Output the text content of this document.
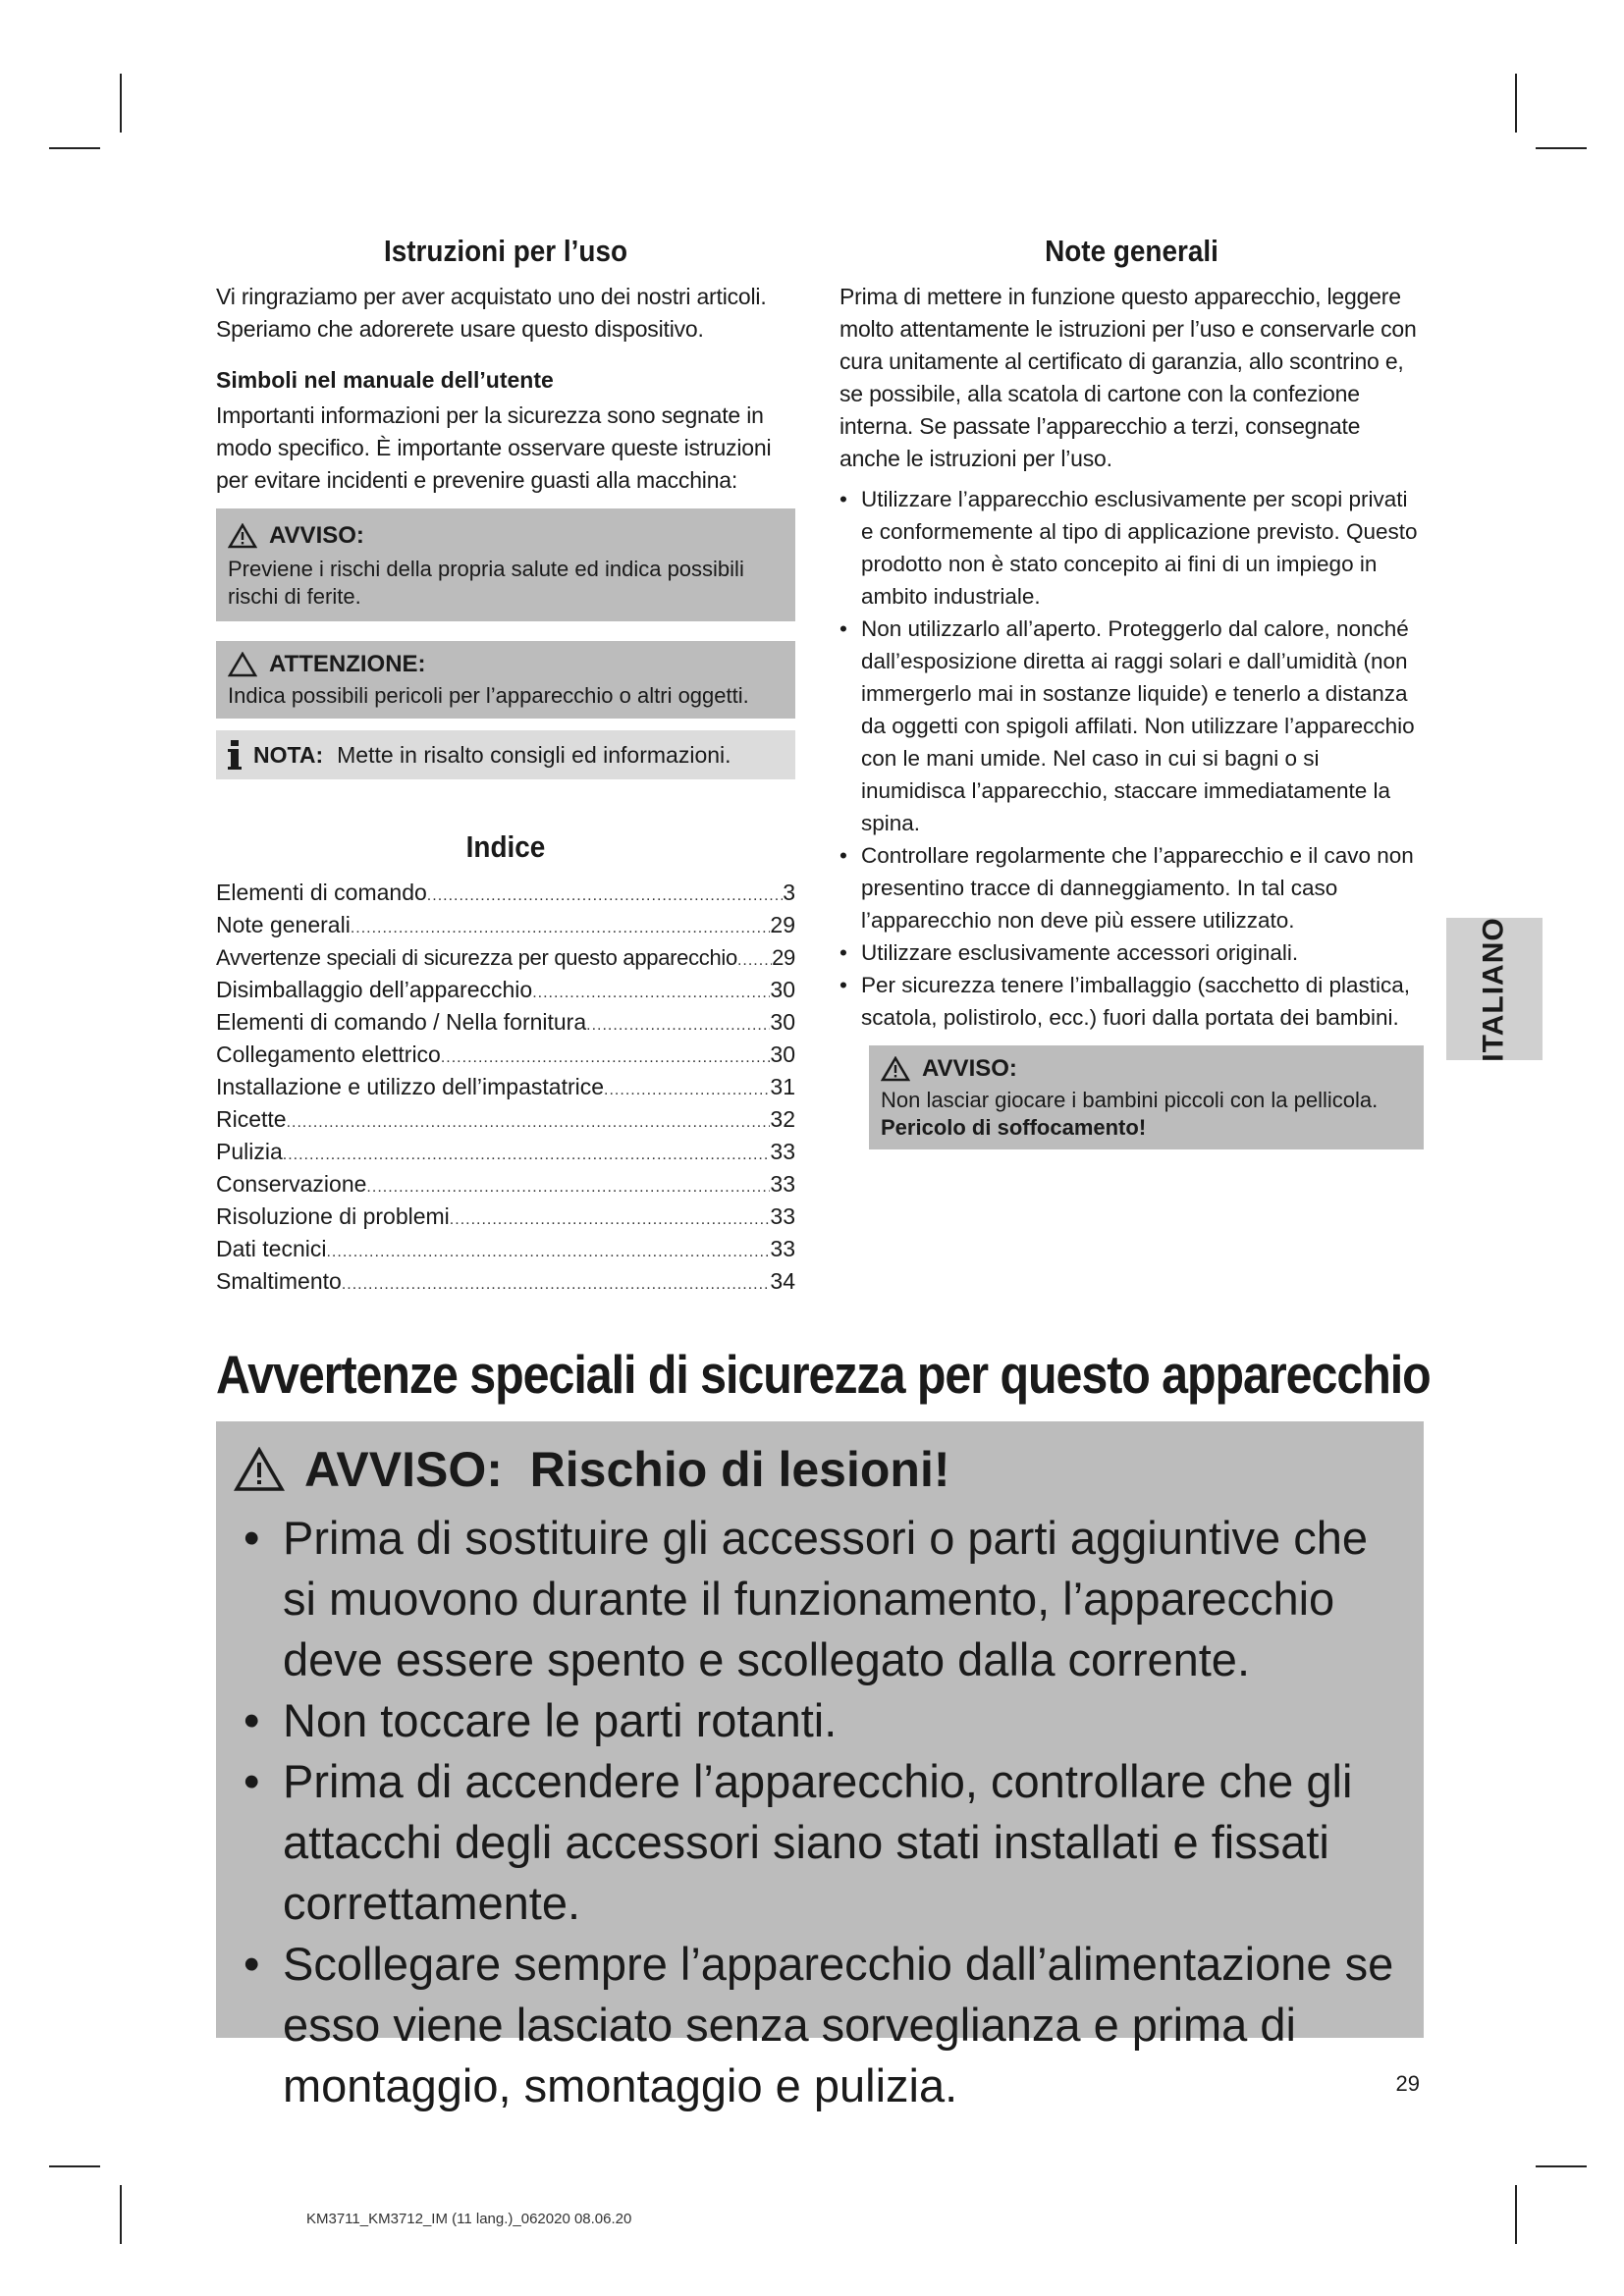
Istruzioni per l’uso

Vi ringraziamo per aver acquistato uno dei nostri articoli. Speriamo che adorerete usare questo dispositivo.

Simboli nel manuale dell’utente

Importanti informazioni per la sicurezza sono segnate in modo specifico. È importante osservare queste istruzioni per evitare incidenti e prevenire guasti alla macchina:

AVVISO:
Previene i rischi della propria salute ed indica possibili rischi di ferite.
ATTENZIONE:
Indica possibili pericoli per l’apparecchio o altri oggetti.
NOTA: Mette in risalto consigli ed informazioni.
Indice
Elementi di comando .....	3
Note generali .....	29
Avvertenze speciali di sicurezza per questo apparecchio ..... 29
Disimballaggio dell’apparecchio .....	30
Elementi di comando / Nella fornitura .....	30
Collegamento elettrico .....	30
Installazione e utilizzo dell’impastatrice .....	31
Ricette .....	32
Pulizia .....	33
Conservazione .....	33
Risoluzione di problemi .....	33
Dati tecnici .....	33
Smaltimento .....	34
Note generali

Prima di mettere in funzione questo apparecchio, leggere molto attentamente le istruzioni per l’uso e conservarle con cura unitamente al certificato di garanzia, allo scontrino e, se possibile, alla scatola di cartone con la confezione interna. Se passate l’apparecchio a terzi, consegnate anche le istruzioni per l’uso.

• Utilizzare l’apparecchio esclusivamente per scopi privati e conformemente al tipo di applicazione previsto. Questo prodotto non è stato concepito ai fini di un impiego in ambito industriale.
• Non utilizzarlo all’aperto. Proteggerlo dal calore, nonché dall’esposizione diretta ai raggi solari e dall’umidità (non immergerlo mai in sostanze liquide) e tenerlo a distanza da oggetti con spigoli affilati. Non utilizzare l’apparecchio con le mani umide. Nel caso in cui si bagni o si inumidisca l’apparecchio, staccare immediatamente la spina.
• Controllare regolarmente che l’apparecchio e il cavo non presentino tracce di danneggiamento. In tal caso l’apparecchio non deve più essere utilizzato.
• Utilizzare esclusivamente accessori originali.
• Per sicurezza tenere l’imballaggio (sacchetto di plastica, scatola, polistirolo, ecc.) fuori dalla portata dei bambini.
AVVISO:
Non lasciar giocare i bambini piccoli con la pellicola.
Pericolo di soffocamento!
ITALIANO
Avvertenze speciali di sicurezza per questo apparecchio
AVVISO:  Rischio di lesioni!
• Prima di sostituire gli accessori o parti aggiuntive che si muovono durante il funzionamento, l’apparecchio deve essere spento e scollegato dalla corrente.
• Non toccare le parti rotanti.
• Prima di accendere l’apparecchio, controllare che gli attacchi degli accessori siano stati installati e fissati correttamente.
• Scollegare sempre l’apparecchio dall’alimentazione se esso viene lasciato senza sorveglianza e prima di montaggio, smontaggio e pulizia.	29
KM3711_KM3712_IM (11 lang.)_062020 08.06.20
